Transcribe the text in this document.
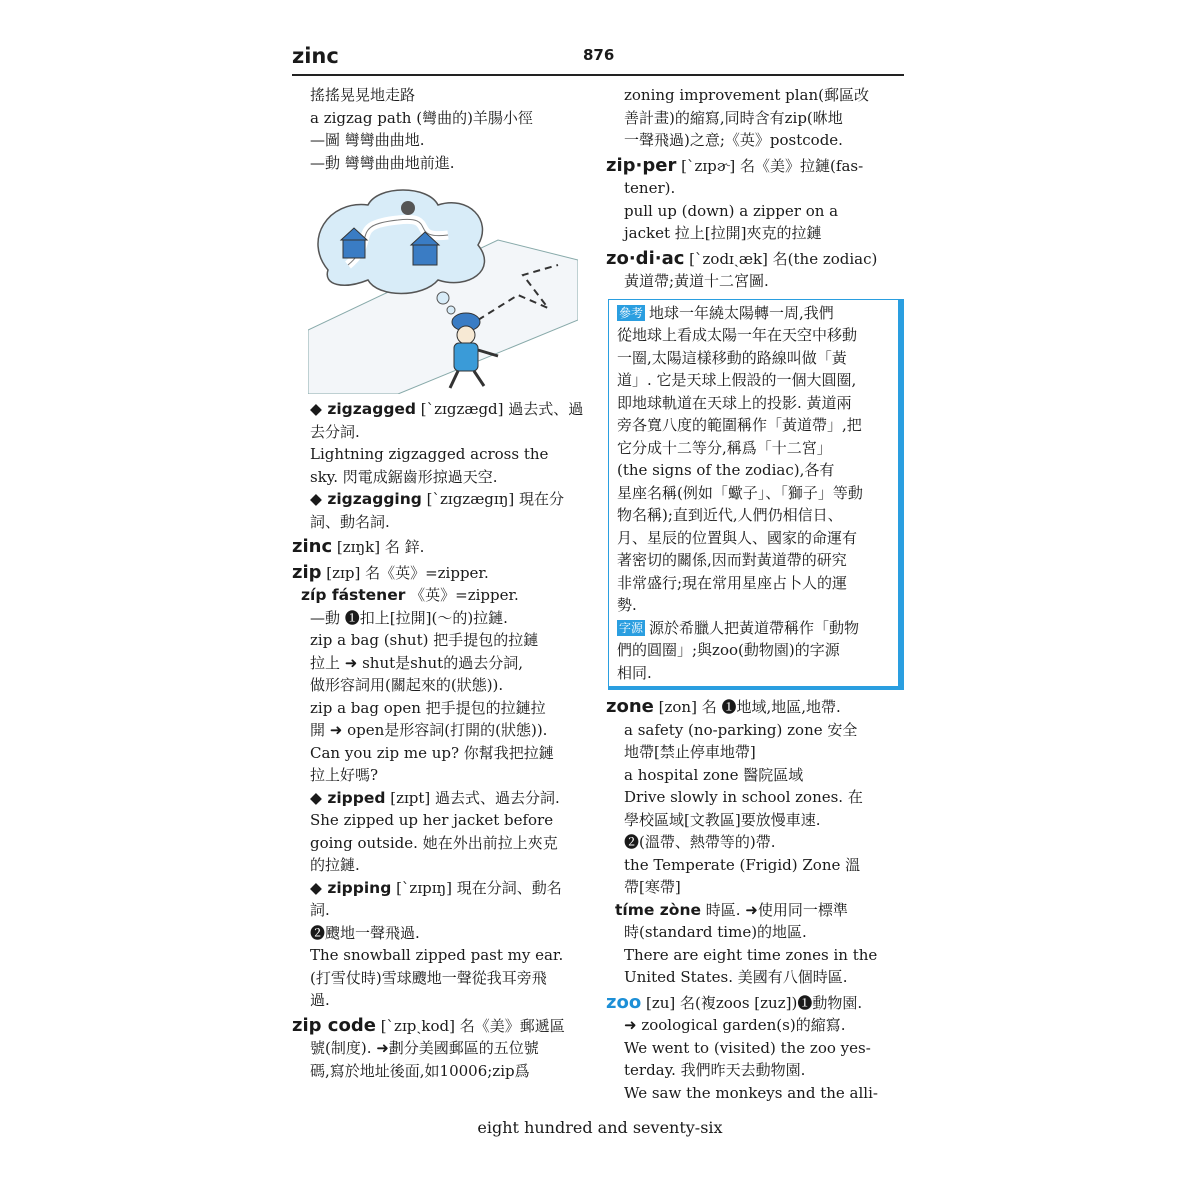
zinc	876
搖搖晃晃地走路
a zigzag path (彎曲的)羊腸小徑
—圖 彎彎曲曲地.
—動 彎彎曲曲地前進.
◆ zigzagged [ˋzɪgzægd] 過去式、過
去分詞.
Lightning zigzagged across the
sky. 閃電成鋸齒形掠過天空.
◆ zigzagging [ˋzɪgzægɪŋ] 現在分
詞、動名詞.
zinc [zɪŋk] 名 鋅.
zip [zɪp] 名《英》=zipper.
zíp fástener 《英》=zipper.
—動 ❶扣上[拉開](～的)拉鏈.
zip a bag (shut) 把手提包的拉鏈
拉上 ➜ shut是shut的過去分詞,
做形容詞用(關起來的(狀態)).
zip a bag open 把手提包的拉鏈拉
開 ➜ open是形容詞(打開的(狀態)).
Can you zip me up? 你幫我把拉鏈
拉上好嗎?
◆ zipped [zɪpt] 過去式、過去分詞.
She zipped up her jacket before
going outside. 她在外出前拉上夾克
的拉鏈.
◆ zipping [ˋzɪpɪŋ] 現在分詞、動名
詞.
❷颼地一聲飛過.
The snowball zipped past my ear.
(打雪仗時)雪球颼地一聲從我耳旁飛
過.
zip code [ˋzɪpˏkod] 名《美》郵遞區
號(制度). ➜劃分美國郵區的五位號
碼,寫於地址後面,如10006;zip爲
zoning improvement plan(郵區改
善計畫)的縮寫,同時含有zip(咻地
一聲飛過)之意;《英》postcode.
zip·per [ˋzɪpɚ] 名《美》拉鏈(fas-
tener).
pull up (down) a zipper on a
jacket 拉上[拉開]夾克的拉鏈
zo·di·ac [ˋzodɪˏæk] 名(the zodiac)
黃道帶;黃道十二宮圖.
參考 地球一年繞太陽轉一周,我們
從地球上看成太陽一年在天空中移動
一圈,太陽這樣移動的路線叫做「黃
道」. 它是天球上假設的一個大圓圈,
即地球軌道在天球上的投影. 黃道兩
旁各寬八度的範圍稱作「黃道帶」,把
它分成十二等分,稱爲「十二宮」
(the signs of the zodiac),各有
星座名稱(例如「蠍子」、「獅子」等動
物名稱);直到近代,人們仍相信日、
月、星辰的位置與人、國家的命運有
著密切的關係,因而對黃道帶的研究
非常盛行;現在常用星座占卜人的運
勢.
字源 源於希臘人把黃道帶稱作「動物
們的圓圈」;與zoo(動物園)的字源
相同.
zone [zon] 名 ❶地域,地區,地帶.
a safety (no-parking) zone 安全
地帶[禁止停車地帶]
a hospital zone 醫院區域
Drive slowly in school zones. 在
學校區域[文教區]要放慢車速.
❷(溫帶、熱帶等的)帶.
the Temperate (Frigid) Zone 溫
帶[寒帶]
tíme zòne 時區. ➜使用同一標準
時(standard time)的地區.
There are eight time zones in the
United States. 美國有八個時區.
zoo [zu] 名(複zoos [zuz])❶動物園.
➜ zoological garden(s)的縮寫.
We went to (visited) the zoo yes-
terday. 我們昨天去動物園.
We saw the monkeys and the alli-
eight hundred and seventy-six
